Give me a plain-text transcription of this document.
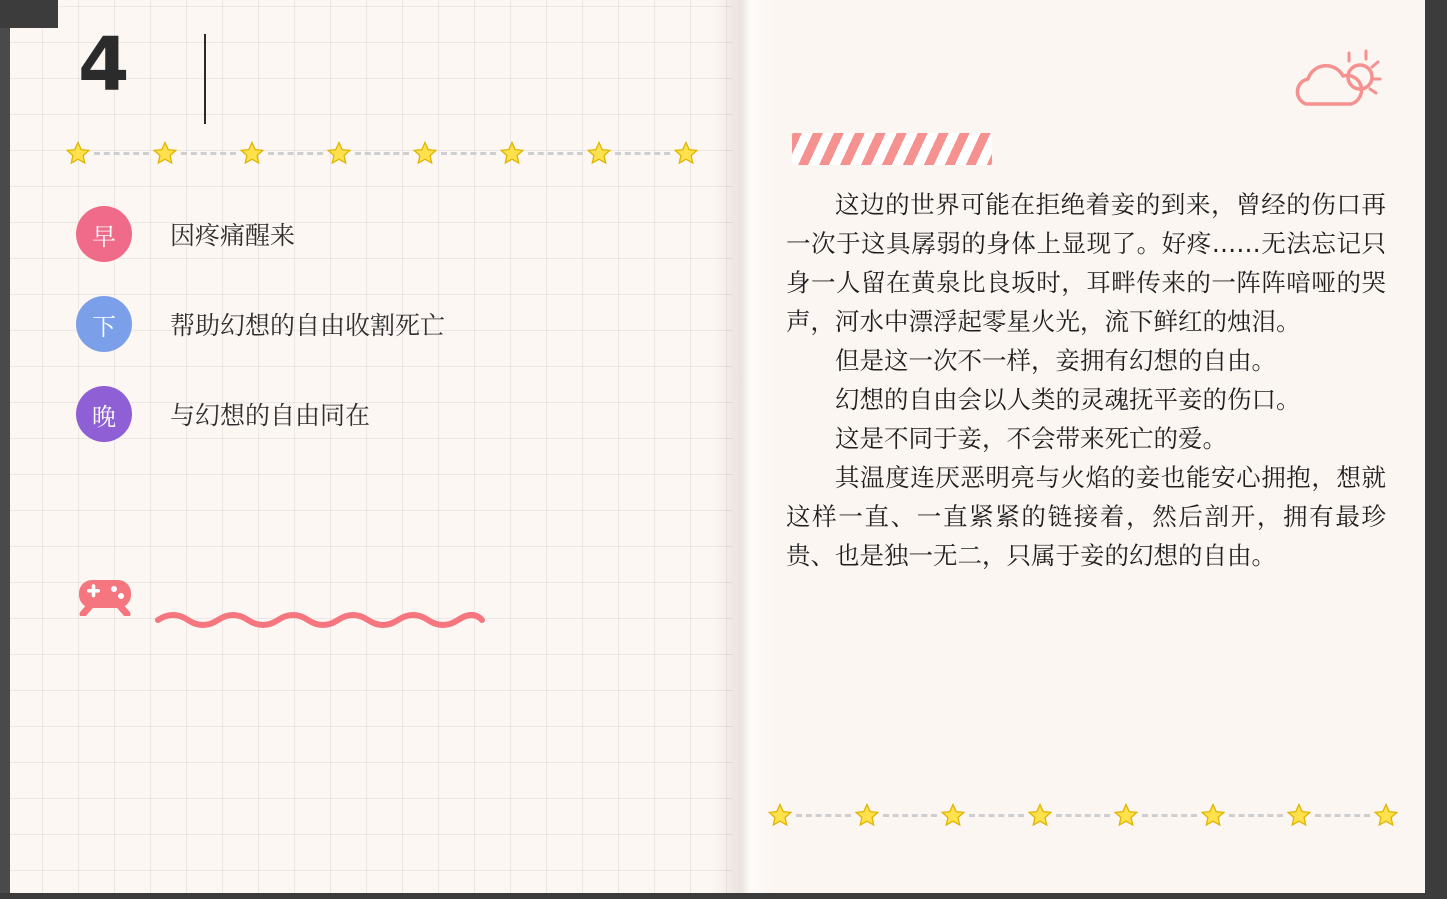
4
早	因疼痛醒来
下	帮助幻想的自由收割死亡
晚	与幻想的自由同在

这边的世界可能在拒绝着妾的到来，曾经的伤口再一次于这具孱弱的身体上显现了。好疼……无法忘记只身一人留在黄泉比良坂时，耳畔传来的一阵阵喑哑的哭声，河水中漂浮起零星火光，流下鲜红的烛泪。

但是这一次不一样，妾拥有幻想的自由。

幻想的自由会以人类的灵魂抚平妾的伤口。

这是不同于妾，不会带来死亡的爱。

其温度连厌恶明亮与火焰的妾也能安心拥抱，想就这样一直、一直紧紧的链接着，然后剖开，拥有最珍贵、也是独一无二，只属于妾的幻想的自由。
